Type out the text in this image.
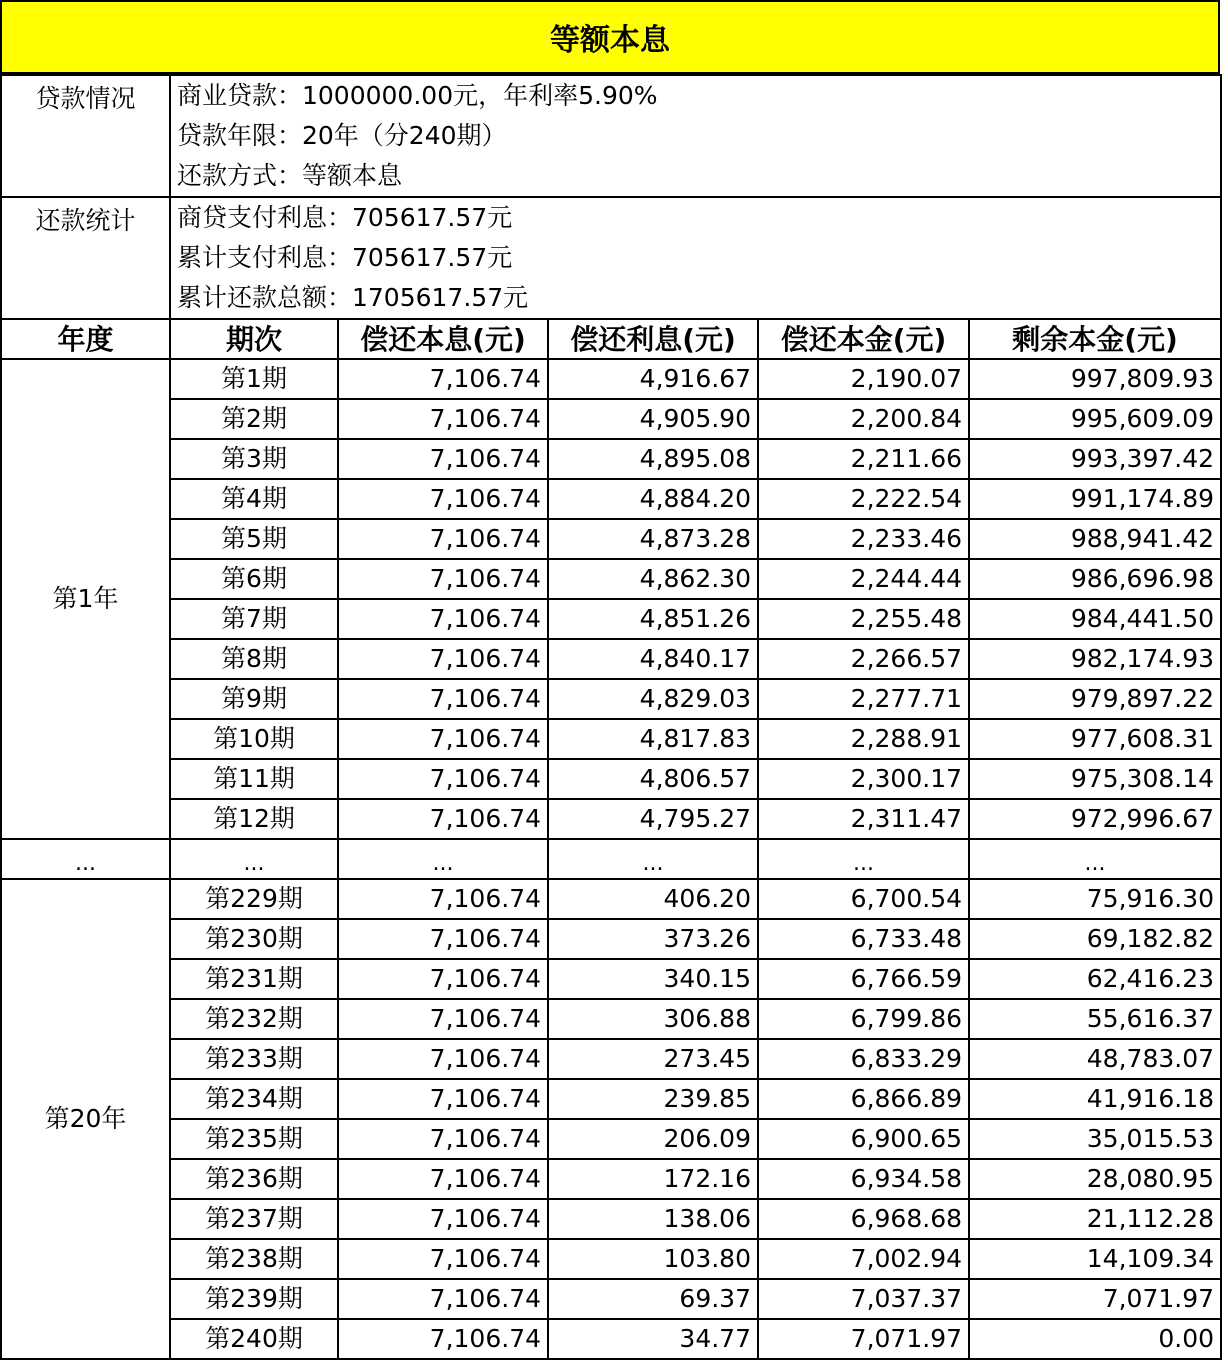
等额本息
贷款情况	商业贷款：1000000.00元，年利率5.90%
贷款年限：20年（分240期）
还款方式：等额本息				

还款统计	商贷支付利息：705617.57元
累计支付利息：705617.57元
累计还款总额：1705617.57元				

年度	期次	偿还本息(元)	偿还利息(元)	偿还本金(元)	剩余本金(元)
第1年	第1期	7,106.74	4,916.67	2,190.07	997,809.93
	第2期	7,106.74	4,905.90	2,200.84	995,609.09
	第3期	7,106.74	4,895.08	2,211.66	993,397.42
	第4期	7,106.74	4,884.20	2,222.54	991,174.89
	第5期	7,106.74	4,873.28	2,233.46	988,941.42
	第6期	7,106.74	4,862.30	2,244.44	986,696.98
	第7期	7,106.74	4,851.26	2,255.48	984,441.50
	第8期	7,106.74	4,840.17	2,266.57	982,174.93
	第9期	7,106.74	4,829.03	2,277.71	979,897.22
	第10期	7,106.74	4,817.83	2,288.91	977,608.31
	第11期	7,106.74	4,806.57	2,300.17	975,308.14
	第12期	7,106.74	4,795.27	2,311.47	972,996.67
...	...	...	...	...	...
第20年	第229期	7,106.74	406.20	6,700.54	75,916.30
	第230期	7,106.74	373.26	6,733.48	69,182.82
	第231期	7,106.74	340.15	6,766.59	62,416.23
	第232期	7,106.74	306.88	6,799.86	55,616.37
	第233期	7,106.74	273.45	6,833.29	48,783.07
	第234期	7,106.74	239.85	6,866.89	41,916.18
	第235期	7,106.74	206.09	6,900.65	35,015.53
	第236期	7,106.74	172.16	6,934.58	28,080.95
	第237期	7,106.74	138.06	6,968.68	21,112.28
	第238期	7,106.74	103.80	7,002.94	14,109.34
	第239期	7,106.74	69.37	7,037.37	7,071.97
	第240期	7,106.74	34.77	7,071.97	0.00
